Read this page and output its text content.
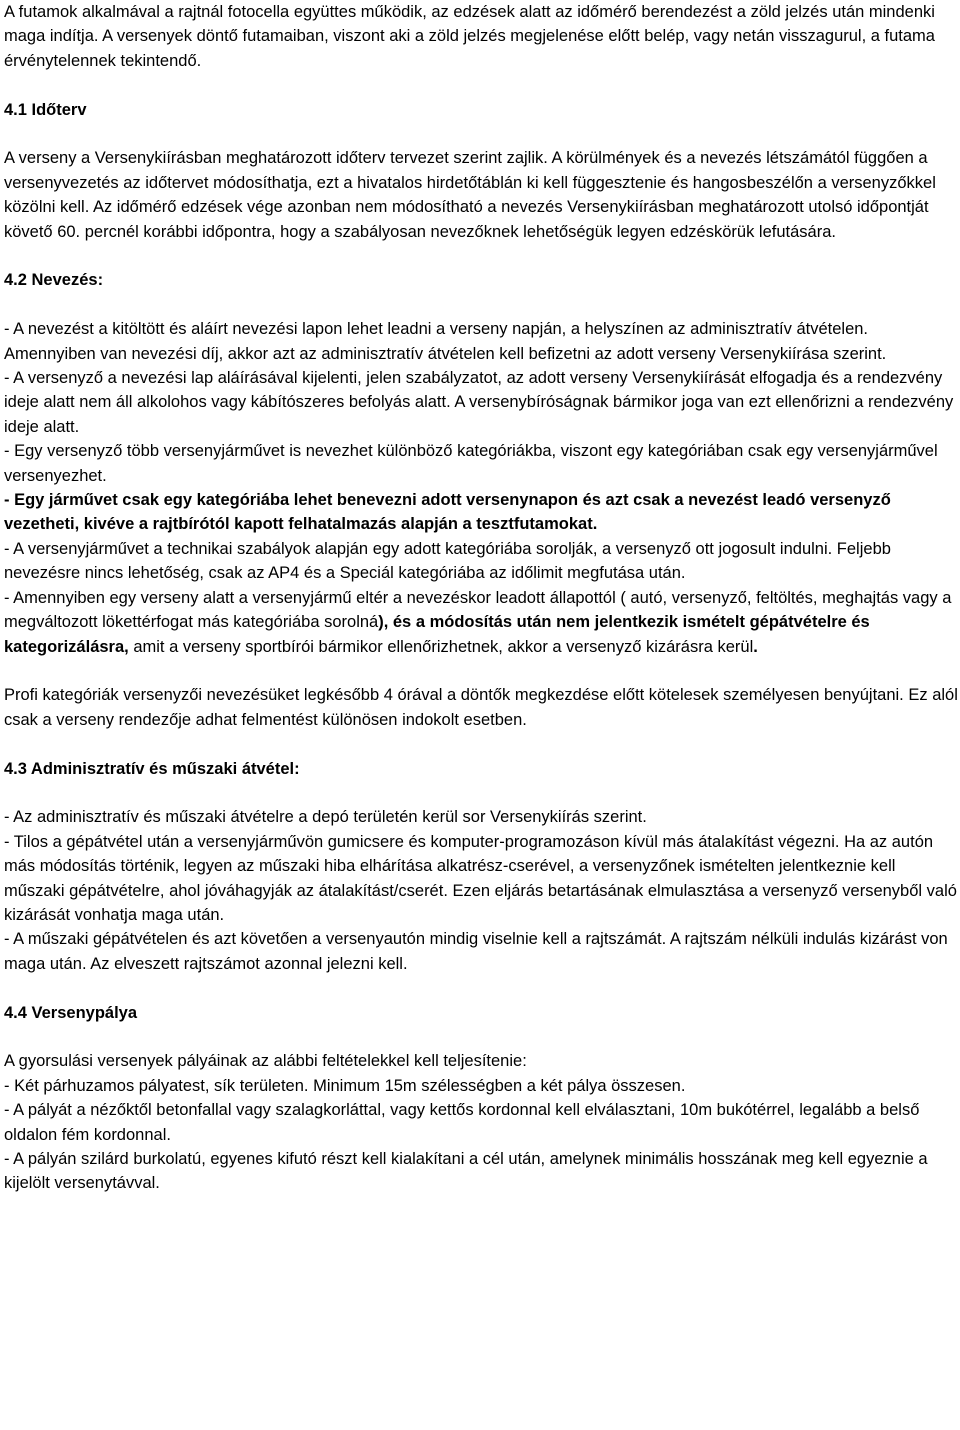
A futamok alkalmával a rajtnál fotocella együttes működik, az edzések alatt az időmérő berendezést a zöld jelzés után mindenki maga indítja. A versenyek döntő futamaiban, viszont aki a zöld jelzés megjelenése előtt belép, vagy netán visszagurul, a futama érvénytelennek tekintendő.

4.1 Időterv

A verseny a Versenykiírásban meghatározott időterv tervezet szerint zajlik. A körülmények és a nevezés létszámától függően a versenyvezetés az időtervet módosíthatja, ezt a hivatalos hirdetőtáblán ki kell függesztenie és hangosbeszélőn a versenyzőkkel közölni kell. Az időmérő edzések vége azonban nem módosítható a nevezés Versenykiírásban meghatározott utolsó időpontját követő 60. percnél korábbi időpontra, hogy a szabályosan nevezőknek lehetőségük legyen edzéskörük lefutására.

4.2 Nevezés:

- A nevezést a kitöltött és aláírt nevezési lapon lehet leadni a verseny napján, a helyszínen az adminisztratív átvételen. Amennyiben van nevezési díj, akkor azt az adminisztratív átvételen kell befizetni az adott verseny Versenykiírása szerint.

- A versenyző a nevezési lap aláírásával kijelenti, jelen szabályzatot, az adott verseny Versenykiírását elfogadja és a rendezvény ideje alatt nem áll alkolohos vagy kábítószeres befolyás alatt. A versenybíróságnak bármikor joga van ezt ellenőrizni a rendezvény ideje alatt.

- Egy versenyző több versenyjárművet is nevezhet különböző kategóriákba, viszont egy kategóriában csak egy versenyjárművel versenyezhet.

- Egy járművet csak egy kategóriába lehet benevezni adott versenynapon és azt csak a nevezést leadó versenyző vezetheti, kivéve a rajtbírótól kapott felhatalmazás alapján a tesztfutamokat.

- A versenyjárművet a technikai szabályok alapján egy adott kategóriába sorolják, a versenyző ott jogosult indulni. Feljebb nevezésre nincs lehetőség, csak az AP4 és a Speciál kategóriába az időlimit megfutása után.

- Amennyiben egy verseny alatt a versenyjármű eltér a nevezéskor leadott állapottól ( autó, versenyző, feltöltés, meghajtás vagy a megváltozott lökettérfogat más kategóriába sorolná), és a módosítás után nem jelentkezik ismételt gépátvételre és kategorizálásra, amit a verseny sportbírói bármikor ellenőrizhetnek, akkor a versenyző kizárásra kerül.

Profi kategóriák versenyzői nevezésüket legkésőbb 4 órával a döntők megkezdése előtt kötelesek személyesen benyújtani. Ez alól csak a verseny rendezője adhat felmentést különösen indokolt esetben.

4.3 Adminisztratív és műszaki átvétel:

- Az adminisztratív és műszaki átvételre a depó területén kerül sor Versenykiírás szerint.

- Tilos a gépátvétel után a versenyjárművön gumicsere és komputer-programozáson kívül más átalakítást végezni. Ha az autón más módosítás történik, legyen az műszaki hiba elhárítása alkatrész-cserével, a versenyzőnek ismételten jelentkeznie kell műszaki gépátvételre, ahol jóváhagyják az átalakítást/cserét. Ezen eljárás betartásának elmulasztása a versenyző versenyből való kizárását vonhatja maga után.

- A műszaki gépátvételen és azt követően a versenyautón mindig viselnie kell a rajtszámát. A rajtszám nélküli indulás kizárást von maga után. Az elveszett rajtszámot azonnal jelezni kell.

4.4 Versenypálya

A gyorsulási versenyek pályáinak az alábbi feltételekkel kell teljesítenie:

- Két párhuzamos pályatest, sík területen. Minimum 15m szélességben a két pálya összesen.

- A pályát a nézőktől betonfallal vagy szalagkorláttal, vagy kettős kordonnal kell elválasztani, 10m bukótérrel, legalább a belső oldalon fém kordonnal.

- A pályán szilárd burkolatú, egyenes kifutó részt kell kialakítani a cél után, amelynek minimális hosszának meg kell egyeznie a kijelölt versenytávval.
